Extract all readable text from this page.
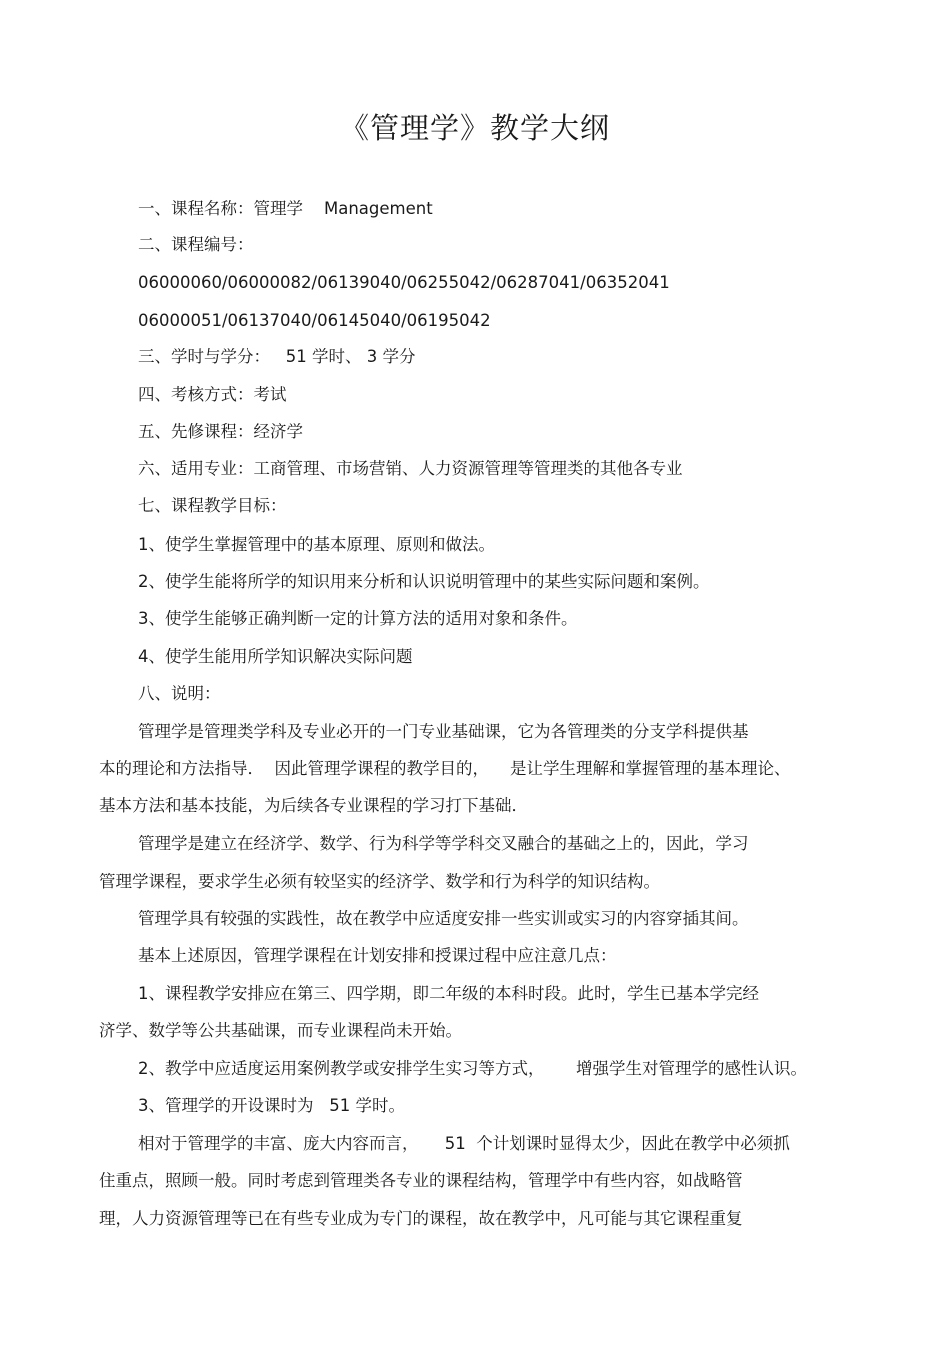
《管理学》教学大纲

一、课程名称：管理学    Management

二、课程编号：

06000060/06000082/06139040/06255042/06287041/06352041

06000051/06137040/06145040/06195042

三、学时与学分：   51 学时、 3 学分

四、考核方式：考试

五、先修课程：经济学

六、适用专业：工商管理、市场营销、人力资源管理等管理类的其他各专业

七、课程教学目标：

1、使学生掌握管理中的基本原理、原则和做法。

2、使学生能将所学的知识用来分析和认识说明管理中的某些实际问题和案例。

3、使学生能够正确判断一定的计算方法的适用对象和条件。

4、使学生能用所学知识解决实际问题

八、说明：

管理学是管理类学科及专业必开的一门专业基础课，它为各管理类的分支学科提供基

本的理论和方法指导．  因此管理学课程的教学目的，    是让学生理解和掌握管理的基本理论、

基本方法和基本技能，为后续各专业课程的学习打下基础．

管理学是建立在经济学、数学、行为科学等学科交叉融合的基础之上的，因此，学习

管理学课程，要求学生必须有较坚实的经济学、数学和行为科学的知识结构。

管理学具有较强的实践性，故在教学中应适度安排一些实训或实习的内容穿插其间。

基本上述原因，管理学课程在计划安排和授课过程中应注意几点：

1、课程教学安排应在第三、四学期，即二年级的本科时段。此时，学生已基本学完经

济学、数学等公共基础课，而专业课程尚未开始。

2、教学中应适度运用案例教学或安排学生实习等方式，      增强学生对管理学的感性认识。

3、管理学的开设课时为   51 学时。

相对于管理学的丰富、庞大内容而言，     51  个计划课时显得太少，因此在教学中必须抓

住重点，照顾一般。同时考虑到管理类各专业的课程结构，管理学中有些内容，如战略管

理，人力资源管理等已在有些专业成为专门的课程，故在教学中，凡可能与其它课程重复
